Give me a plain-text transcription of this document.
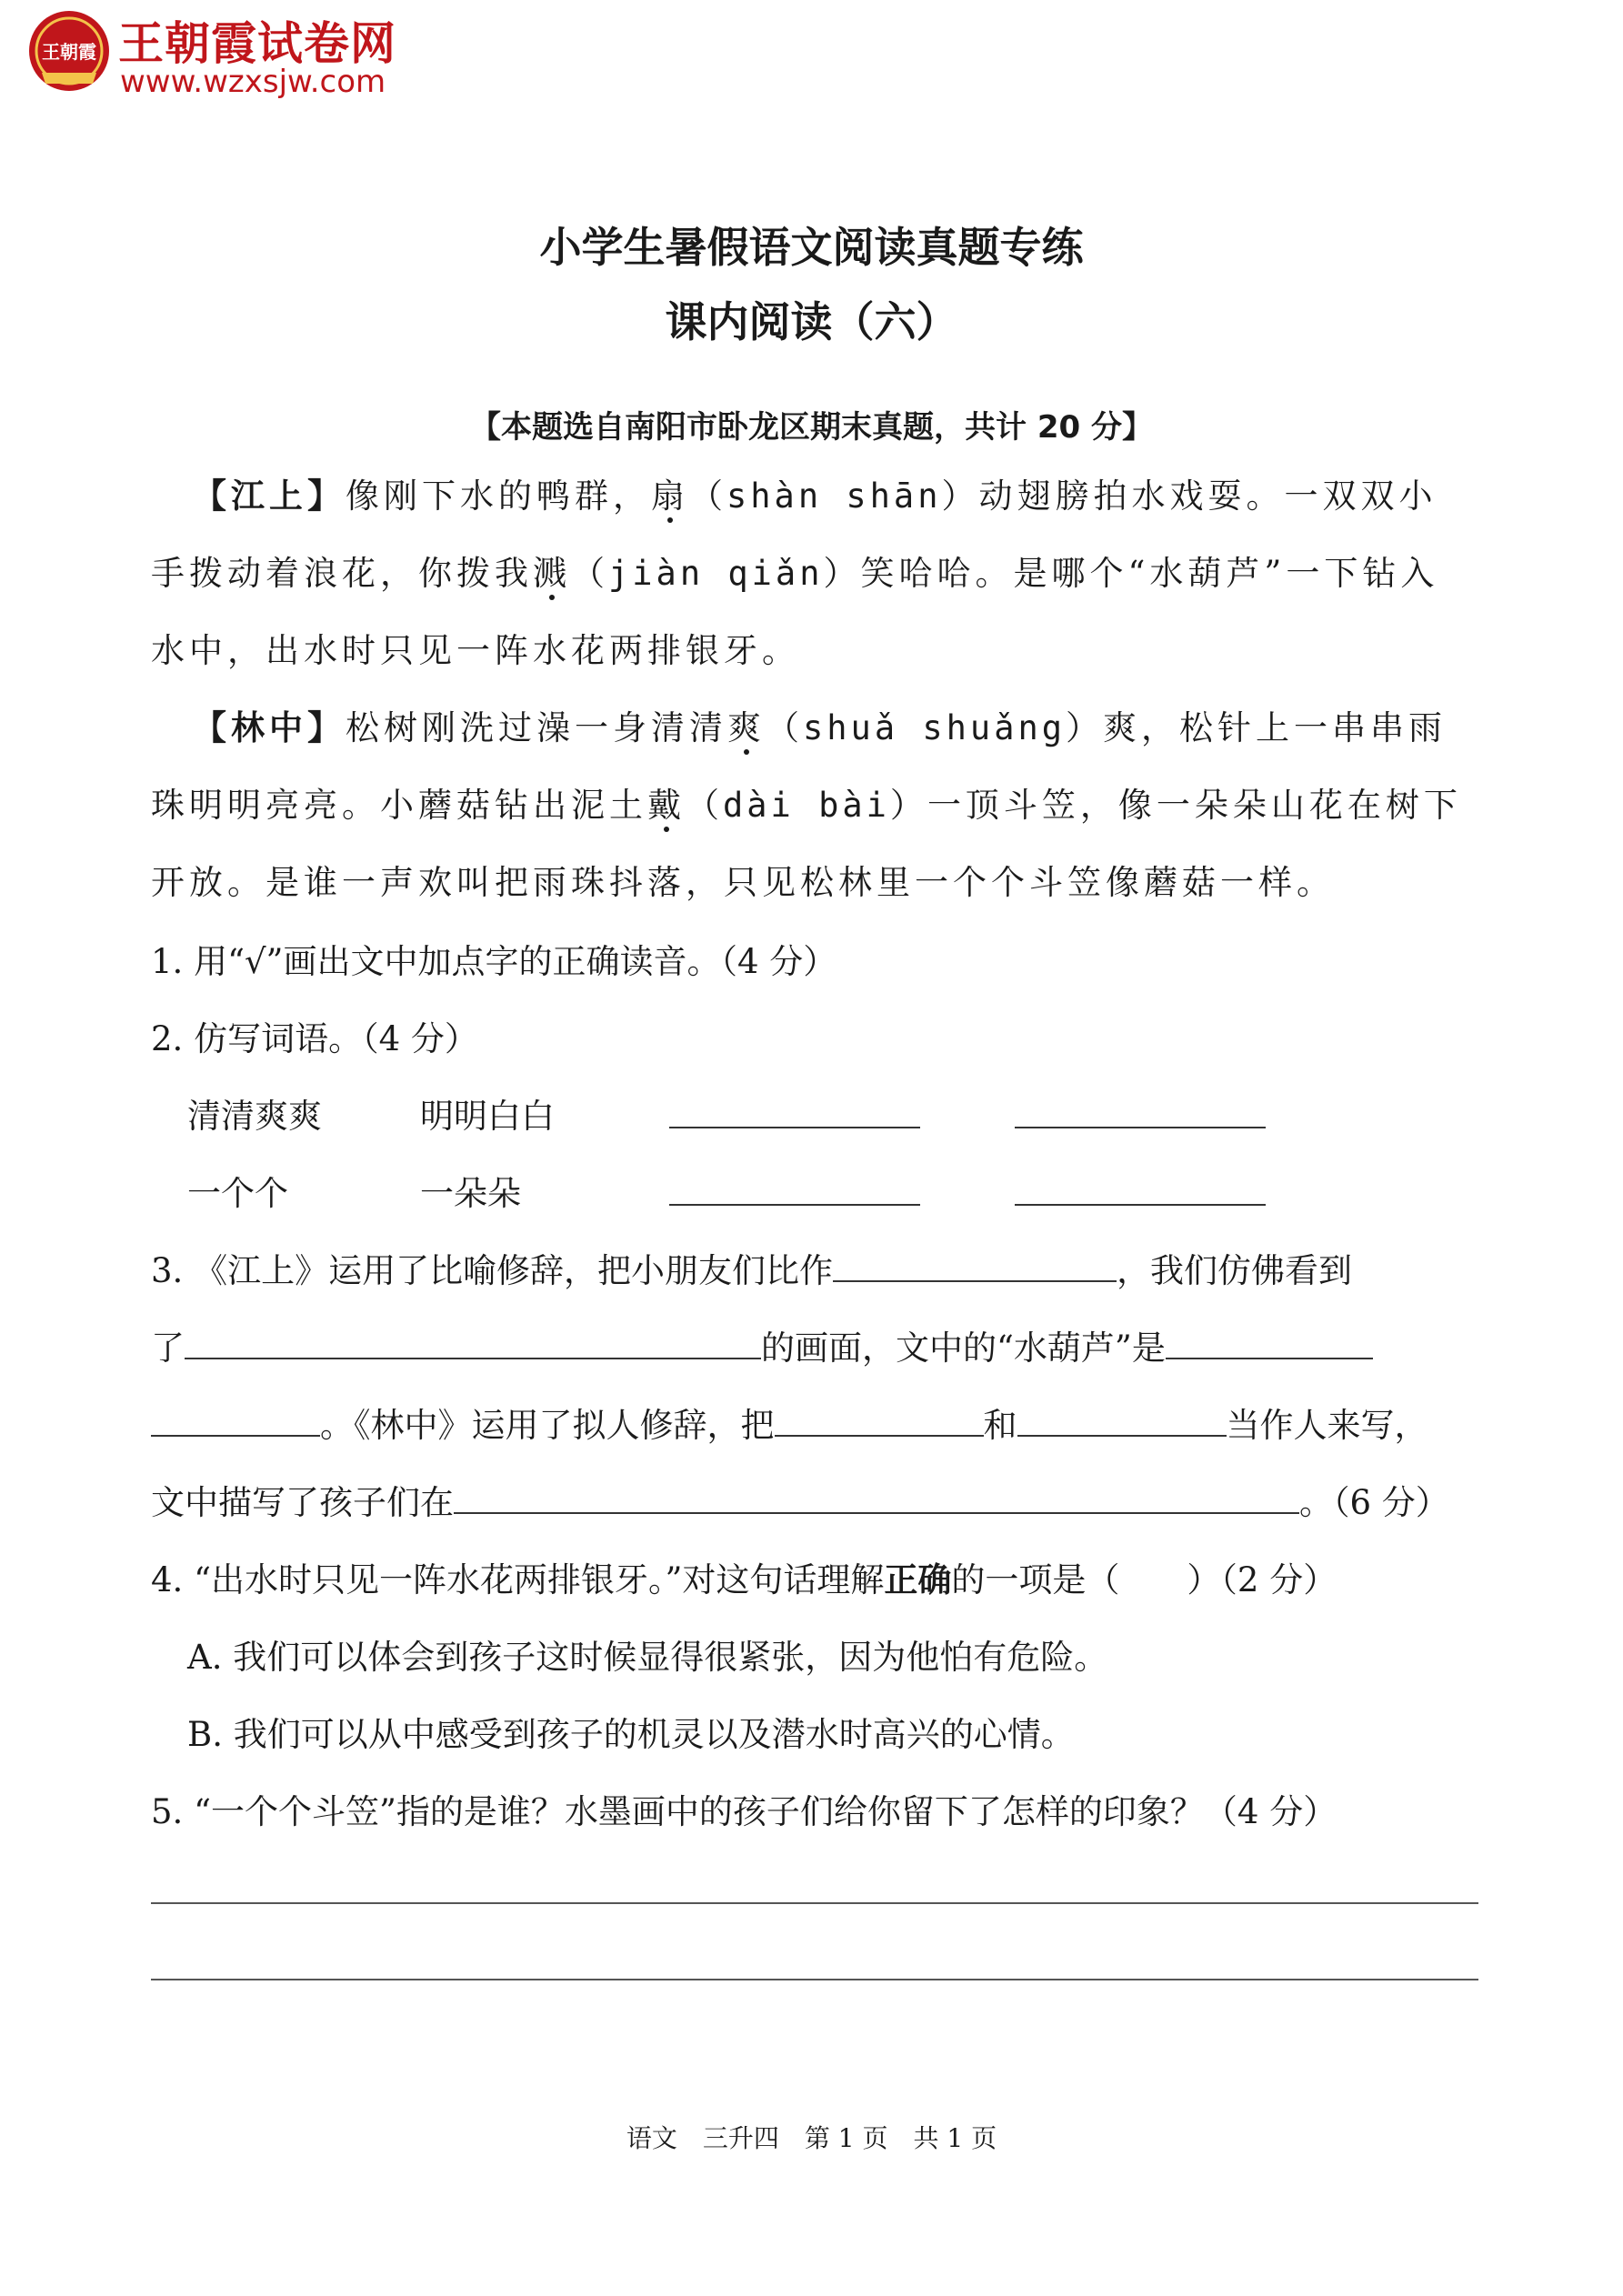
王朝霞 王朝霞试卷网
www.wzxsjw.com
小学生暑假语文阅读真题专练
课内阅读（六）
【本题选自南阳市卧龙区期末真题，共计 20 分】
【江上】像刚下水的鸭群，扇（shàn shān）动翅膀拍水戏耍。一双双小
手拨动着浪花，你拨我溅（jiàn qiǎn）笑哈哈。是哪个“水葫芦”一下钻入
水中，出水时只见一阵水花两排银牙。
【林中】松树刚洗过澡一身清清爽（shuǎ shuǎng）爽，松针上一串串雨
珠明明亮亮。小蘑菇钻出泥土戴（dài bài）一顶斗笠，像一朵朵山花在树下
开放。是谁一声欢叫把雨珠抖落，只见松林里一个个斗笠像蘑菇一样。
1. 用“√”画出文中加点字的正确读音。（4 分）
2. 仿写词语。（4 分）
清清爽爽	明明白白
一个个	一朵朵
3. 《江上》运用了比喻修辞，把小朋友们比作	，我们仿佛看到
了	的画面，文中的“水葫芦”是
。《林中》运用了拟人修辞，把	和	当作人来写，
文中描写了孩子们在	。（6 分）
4. “出水时只见一阵水花两排银牙。”对这句话理解正确的一项是（　　）（2 分）
A. 我们可以体会到孩子这时候显得很紧张，因为他怕有危险。
B. 我们可以从中感受到孩子的机灵以及潜水时高兴的心情。
5. “一个个斗笠”指的是谁？水墨画中的孩子们给你留下了怎样的印象？（4 分）
语文　三升四　第 1 页　共 1 页
